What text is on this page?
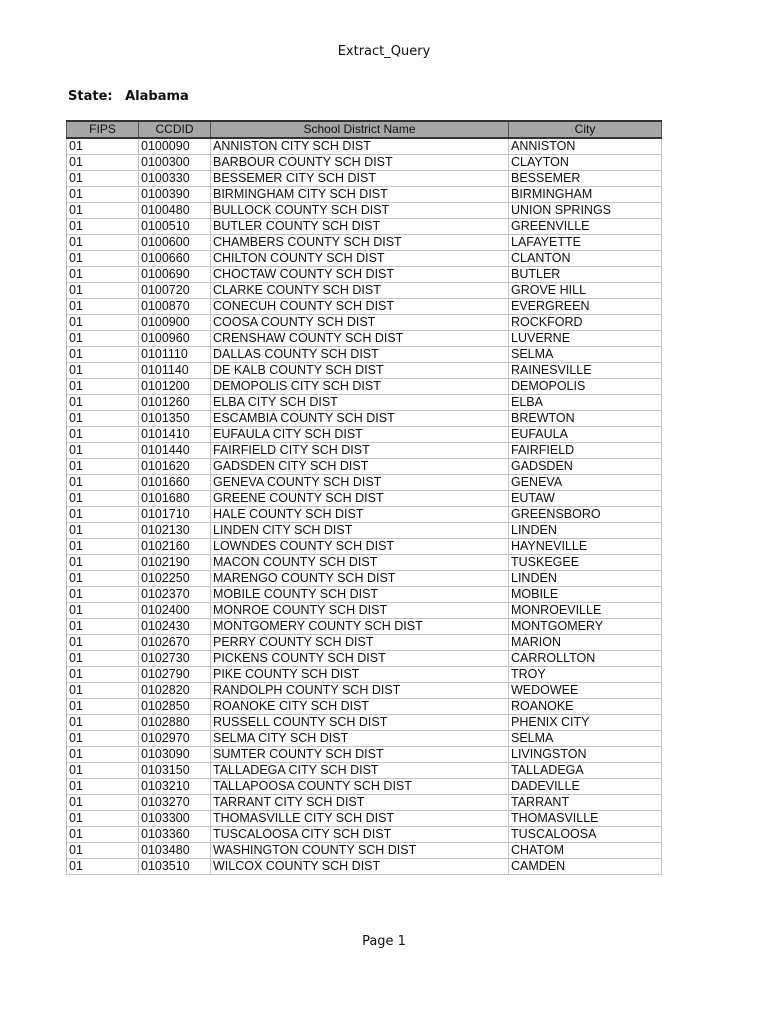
Extract_Query
State: Alabama
FIPS	CCDID	School District Name	City
01	0100090	ANNISTON CITY SCH DIST	ANNISTON
01	0100300	BARBOUR COUNTY SCH DIST	CLAYTON
01	0100330	BESSEMER CITY SCH DIST	BESSEMER
01	0100390	BIRMINGHAM CITY SCH DIST	BIRMINGHAM
01	0100480	BULLOCK COUNTY SCH DIST	UNION SPRINGS
01	0100510	BUTLER COUNTY SCH DIST	GREENVILLE
01	0100600	CHAMBERS COUNTY SCH DIST	LAFAYETTE
01	0100660	CHILTON COUNTY SCH DIST	CLANTON
01	0100690	CHOCTAW COUNTY SCH DIST	BUTLER
01	0100720	CLARKE COUNTY SCH DIST	GROVE HILL
01	0100870	CONECUH COUNTY SCH DIST	EVERGREEN
01	0100900	COOSA COUNTY SCH DIST	ROCKFORD
01	0100960	CRENSHAW COUNTY SCH DIST	LUVERNE
01	0101110	DALLAS COUNTY SCH DIST	SELMA
01	0101140	DE KALB COUNTY SCH DIST	RAINESVILLE
01	0101200	DEMOPOLIS CITY SCH DIST	DEMOPOLIS
01	0101260	ELBA CITY SCH DIST	ELBA
01	0101350	ESCAMBIA COUNTY SCH DIST	BREWTON
01	0101410	EUFAULA CITY SCH DIST	EUFAULA
01	0101440	FAIRFIELD CITY SCH DIST	FAIRFIELD
01	0101620	GADSDEN CITY SCH DIST	GADSDEN
01	0101660	GENEVA COUNTY SCH DIST	GENEVA
01	0101680	GREENE COUNTY SCH DIST	EUTAW
01	0101710	HALE COUNTY SCH DIST	GREENSBORO
01	0102130	LINDEN CITY SCH DIST	LINDEN
01	0102160	LOWNDES COUNTY SCH DIST	HAYNEVILLE
01	0102190	MACON COUNTY SCH DIST	TUSKEGEE
01	0102250	MARENGO COUNTY SCH DIST	LINDEN
01	0102370	MOBILE COUNTY SCH DIST	MOBILE
01	0102400	MONROE COUNTY SCH DIST	MONROEVILLE
01	0102430	MONTGOMERY COUNTY SCH DIST	MONTGOMERY
01	0102670	PERRY COUNTY SCH DIST	MARION
01	0102730	PICKENS COUNTY SCH DIST	CARROLLTON
01	0102790	PIKE COUNTY SCH DIST	TROY
01	0102820	RANDOLPH COUNTY SCH DIST	WEDOWEE
01	0102850	ROANOKE CITY SCH DIST	ROANOKE
01	0102880	RUSSELL COUNTY SCH DIST	PHENIX CITY
01	0102970	SELMA CITY SCH DIST	SELMA
01	0103090	SUMTER COUNTY SCH DIST	LIVINGSTON
01	0103150	TALLADEGA CITY SCH DIST	TALLADEGA
01	0103210	TALLAPOOSA COUNTY SCH DIST	DADEVILLE
01	0103270	TARRANT CITY SCH DIST	TARRANT
01	0103300	THOMASVILLE CITY SCH DIST	THOMASVILLE
01	0103360	TUSCALOOSA CITY SCH DIST	TUSCALOOSA
01	0103480	WASHINGTON COUNTY SCH DIST	CHATOM
01	0103510	WILCOX COUNTY SCH DIST	CAMDEN
Page 1
